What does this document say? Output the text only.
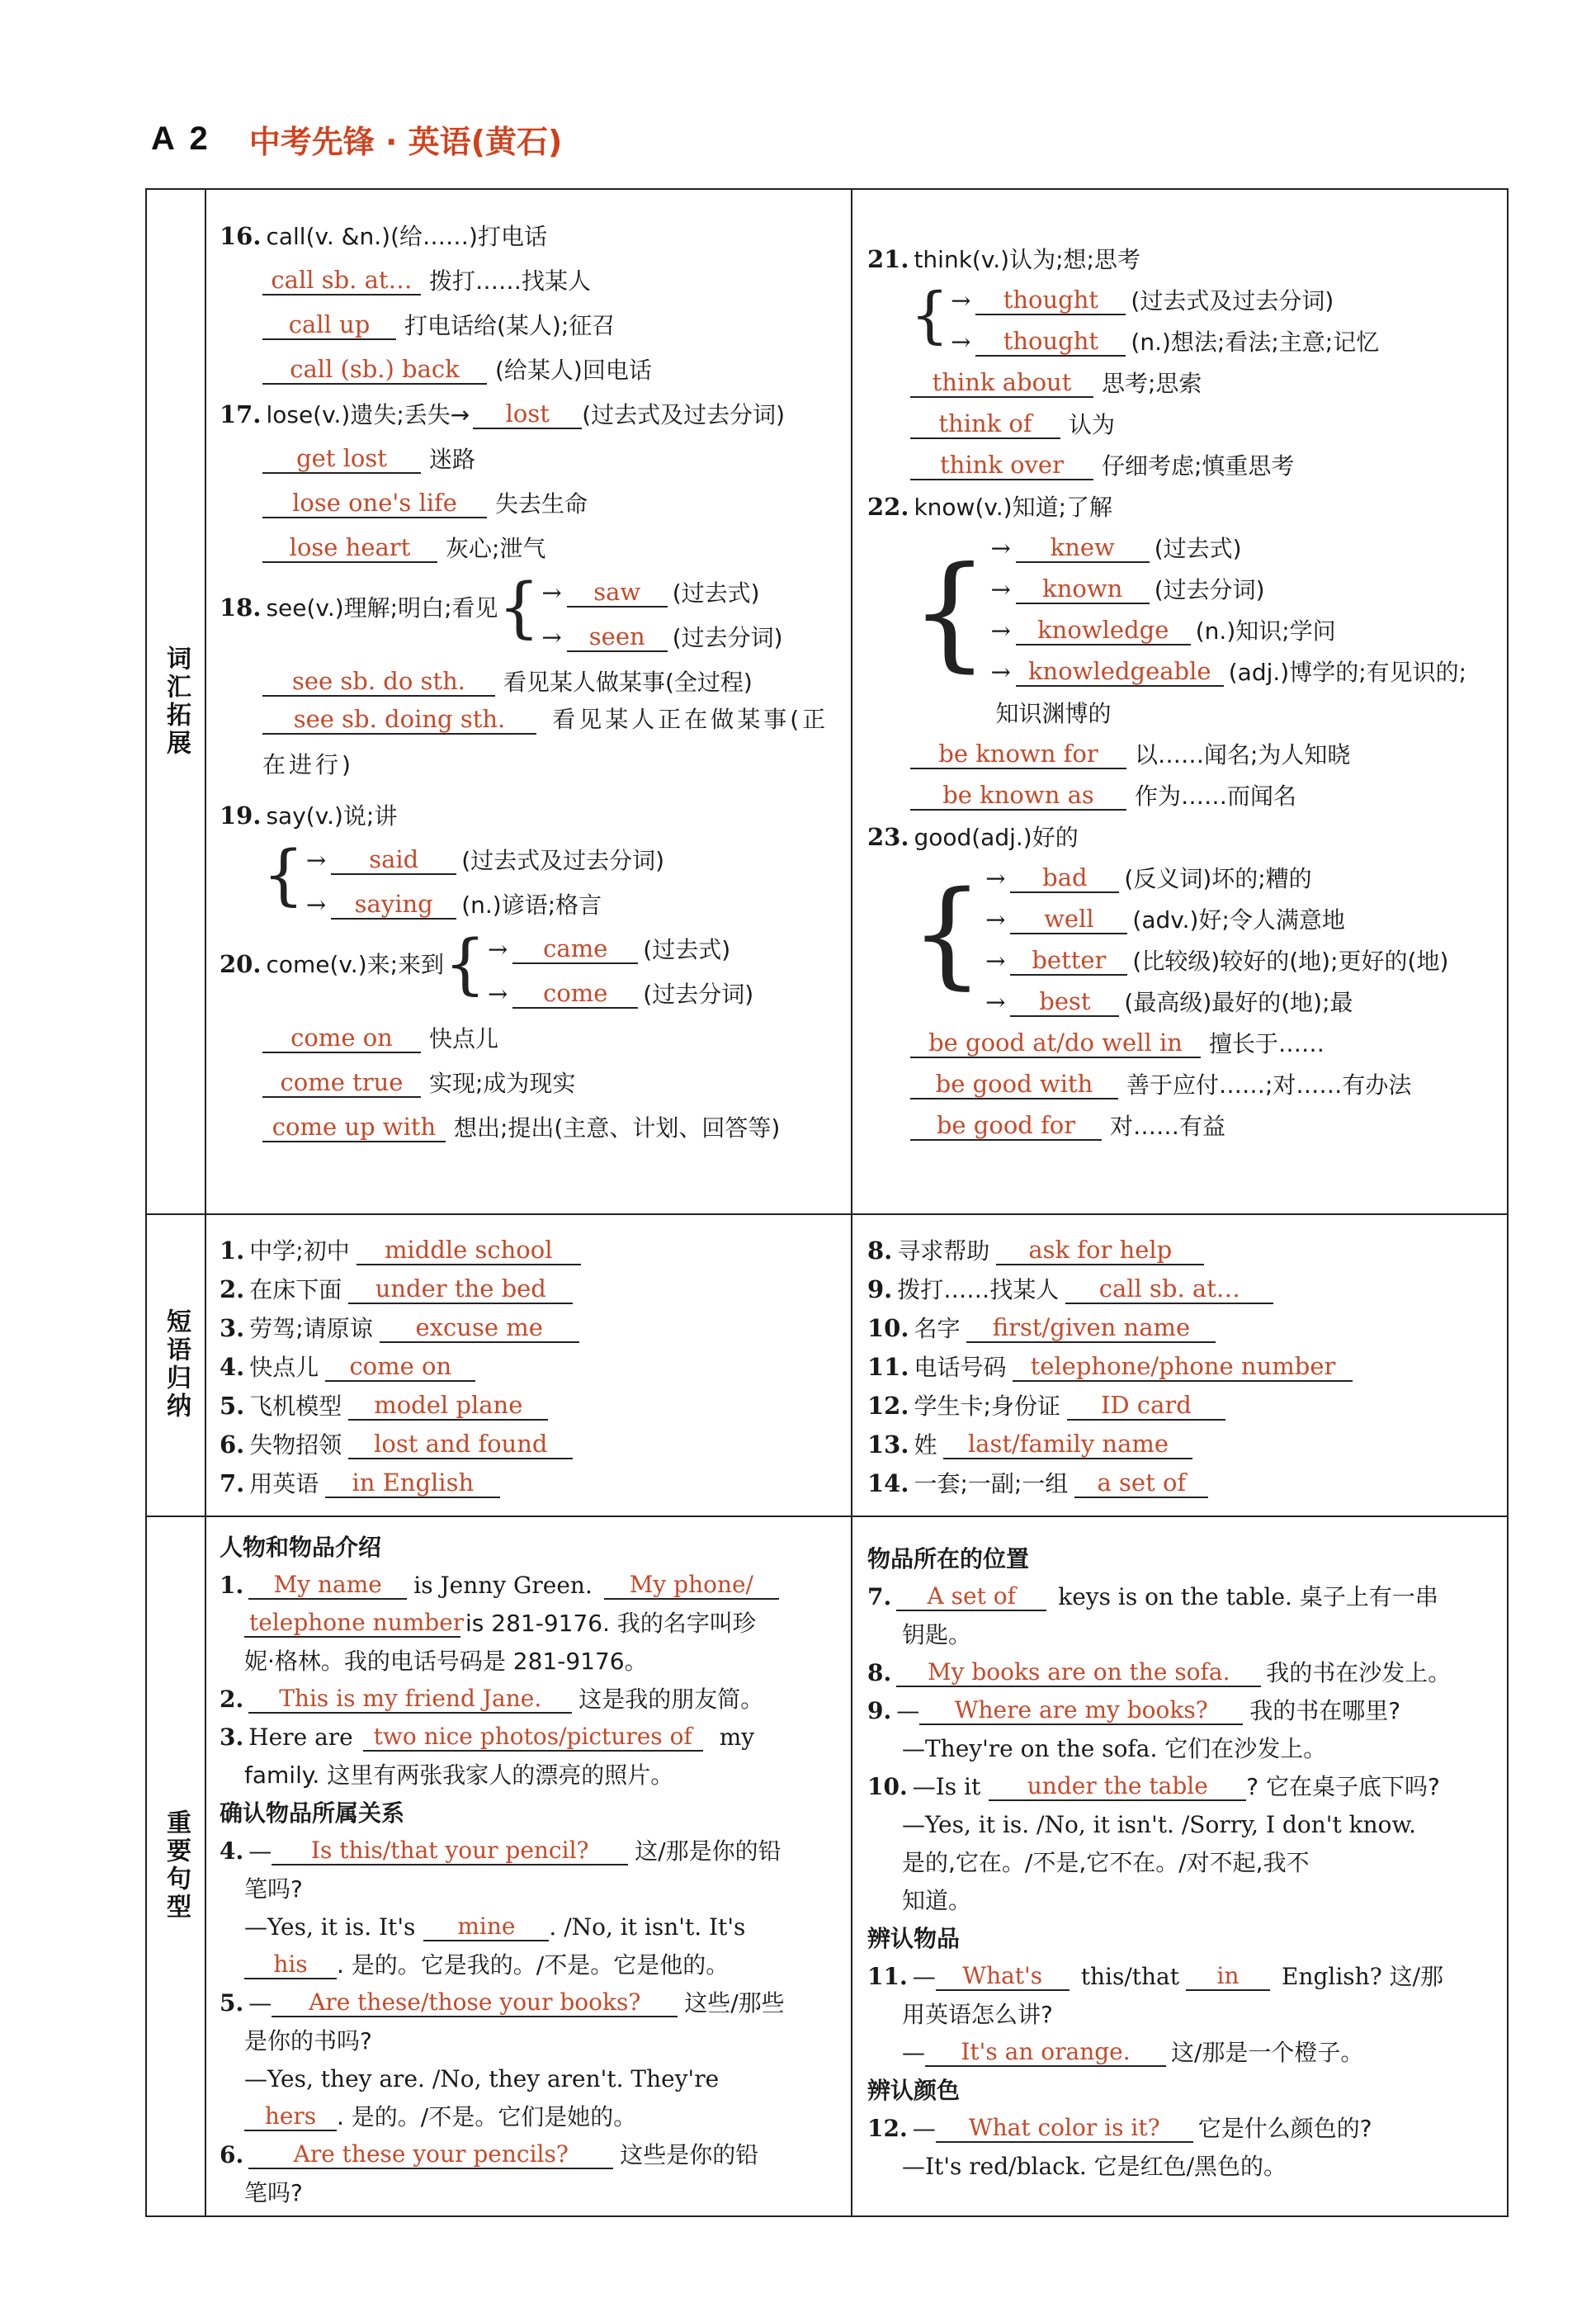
A 2 中考先锋 · 英语(黄石)
词汇拓展
短语归纳
重要句型
16. call(v. &n.)(给……)打电话
call sb. at… 拨打……找某人
call up	打电话给(某人);征召
call (sb.) back	(给某人)回电话
17. lose(v.)遗失;丢失→	lost	(过去式及过去分词)
get lost	迷路
lose one's life	失去生命
lose heart	灰心;泄气
18. see(v.)理解;明白;看见 { →	saw	(过去式)
→	seen	(过去分词)
see sb. do sth.	看见某人做某事(全过程)
see sb. doing sth. 看见某人正在做某事(正在进行)
19. say(v.)说;讲
{ →	said	(过去式及过去分词)
→	saying	(n.)谚语;格言
20. come(v.)来;来到 { →	came	(过去式)
→	come	(过去分词)
come on	快点儿
come true	实现;成为现实
come up with 想出;提出(主意、计划、回答等)
21. think(v.)认为;想;思考
{ →	thought	(过去式及过去分词)
→	thought	(n.)想法;看法;主意;记忆
think about	思考;思索
think of	认为
think over	仔细考虑;慎重思考
22. know(v.)知道;了解
{ →	knew	(过去式)
→	known	(过去分词)
→	knowledge	(n.)知识;学问
→ knowledgeable (adj.)博学的;有见识的;
知识渊博的
be known for	以……闻名;为人知晓
be known as	作为……而闻名
23. good(adj.)好的
{ →	bad	(反义词)坏的;糟的
→	well	(adv.)好;令人满意地
→	better	(比较级)较好的(地);更好的(地)
→	best	(最高级)最好的(地);最
be good at/do well in	擅长于……
be good with	善于应付……;对……有办法
be good for	对……有益
1. 中学;初中	middle school
2. 在床下面	under the bed
3. 劳驾;请原谅	excuse me
4. 快点儿	come on
5. 飞机模型	model plane
6. 失物招领	lost and found
7. 用英语	in English
8. 寻求帮助	ask for help
9. 拨打……找某人	call sb. at…
10. 名字	first/given name
11. 电话号码	telephone/phone number
12. 学生卡;身份证	ID card
13. 姓	last/family name
14. 一套;一副;一组	a set of
人物和物品介绍
1.	My name	is Jenny Green.	My phone/
telephone number is 281-9176. 我的名字叫珍
妮·格林。我的电话号码是 281-9176。
2.	This is my friend Jane.	这是我的朋友简。
3. Here are two nice photos/pictures of	my
family. 这里有两张我家人的漂亮的照片。
确认物品所属关系
4. —	Is this/that your pencil?	这/那是你的铅
笔吗?
—Yes, it is. It's	mine	. /No, it isn't. It's
his	. 是的。它是我的。/不是。它是他的。
5. —	Are these/those your books?	这些/那些
是你的书吗?
—Yes, they are. /No, they aren't. They're
hers . 是的。/不是。它们是她的。
6.	Are these your pencils?	这些是你的铅
笔吗?
物品所在的位置
7.	A set of	keys is on the table. 桌子上有一串
钥匙。
8.	My books are on the sofa.	我的书在沙发上。
9. —	Where are my books?	我的书在哪里?
—They're on the sofa. 它们在沙发上。
10. —Is it	under the table	? 它在桌子底下吗?
—Yes, it is. /No, it isn't. /Sorry, I don't know.
是的,它在。/不是,它不在。/对不起,我不
知道。
辨认物品
11. —	What's	this/that	in	English? 这/那
用英语怎么讲?
—	It's an orange.	这/那是一个橙子。
辨认颜色
12. —	What color is it?	它是什么颜色的?
—It's red/black. 它是红色/黑色的。
